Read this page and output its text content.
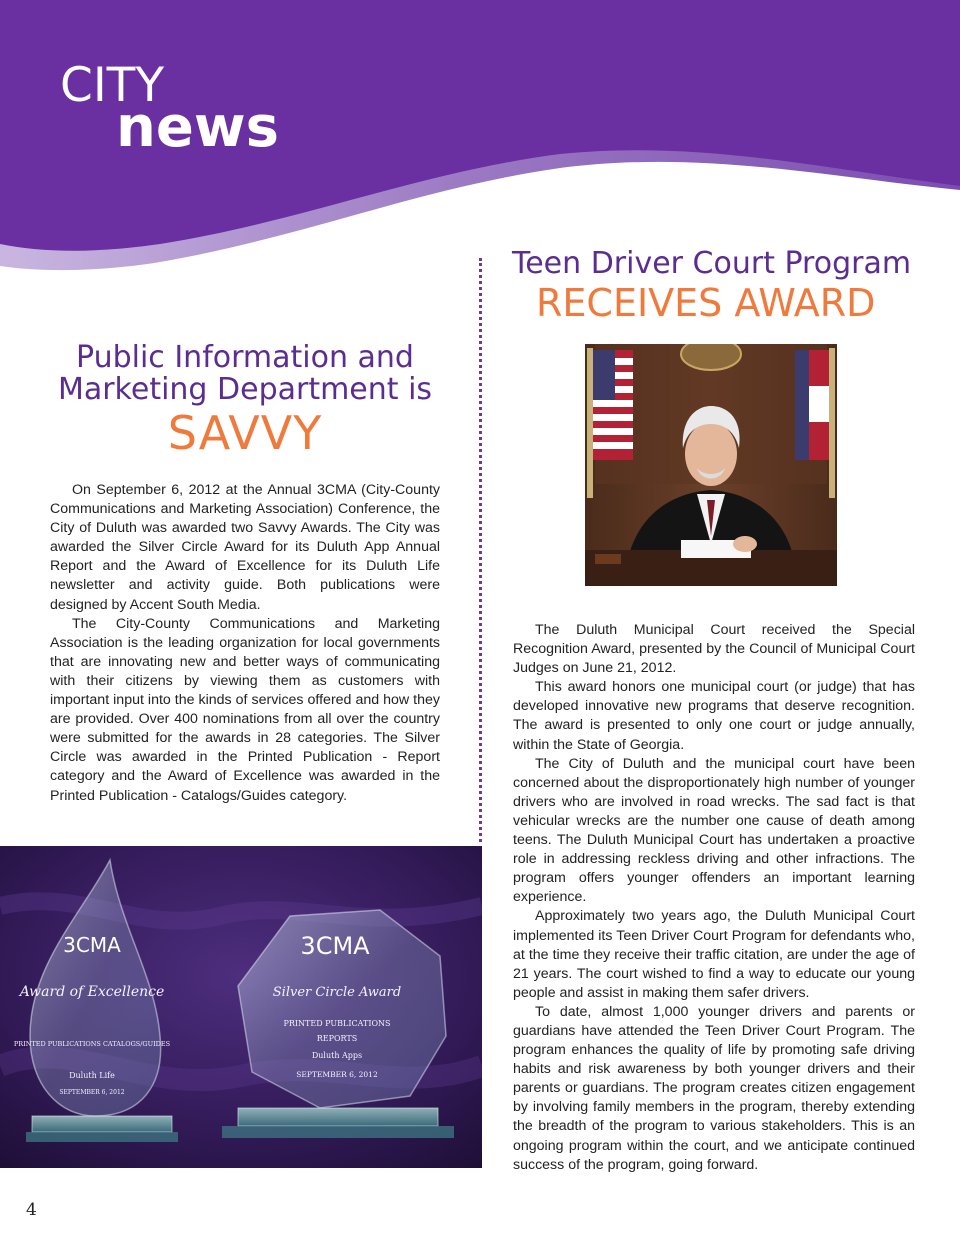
CITY
news
Public Information and
Marketing Department is
SAVVY

On September 6, 2012 at the Annual 3CMA (City-County Communications and Marketing Association) Conference, the City of Duluth was awarded two Savvy Awards. The City was awarded the Silver Circle Award for its Duluth App Annual Report and the Award of Excellence for its Duluth Life newsletter and activity guide. Both publications were designed by Accent South Media.

The City-County Communications and Marketing Association is the leading organization for local governments that are innovating new and better ways of communicating with their citizens by viewing them as customers with important input into the kinds of services offered and how they are provided. Over 400 nominations from all over the country were submitted for the awards in 28 categories. The Silver Circle was awarded in the Printed Publication - Report category and the Award of Excellence was awarded in the Printed Publication - Catalogs/Guides category.

3CMA
Award of Excellence
PRINTED PUBLICATIONS CATALOGS/GUIDES
Duluth Life
SEPTEMBER 6, 2012
3CMA
Silver Circle Award
PRINTED PUBLICATIONS
REPORTS
Duluth Apps
SEPTEMBER 6, 2012
Teen Driver Court Program
RECEIVES AWARD

The Duluth Municipal Court received the Special Recognition Award, presented by the Council of Municipal Court Judges on June 21, 2012.

This award honors one municipal court (or judge) that has developed innovative new programs that deserve recognition. The award is presented to only one court or judge annually, within the State of Georgia.

The City of Duluth and the municipal court have been concerned about the disproportionately high number of younger drivers who are involved in road wrecks. The sad fact is that vehicular wrecks are the number one cause of death among teens. The Duluth Municipal Court has undertaken a proactive role in addressing reckless driving and other infractions. The program offers younger offenders an important learning experience.

Approximately two years ago, the Duluth Municipal Court implemented its Teen Driver Court Program for defendants who, at the time they receive their traffic citation, are under the age of 21 years. The court wished to find a way to educate our young people and assist in making them safer drivers.

To date, almost 1,000 younger drivers and parents or guardians have attended the Teen Driver Court Program. The program enhances the quality of life by promoting safe driving habits and risk awareness by both younger drivers and their parents or guardians. The program creates citizen engagement by involving family members in the program, thereby extending the breadth of the program to various stakeholders. This is an ongoing program within the court, and we anticipate continued success of the program, going forward.

4
